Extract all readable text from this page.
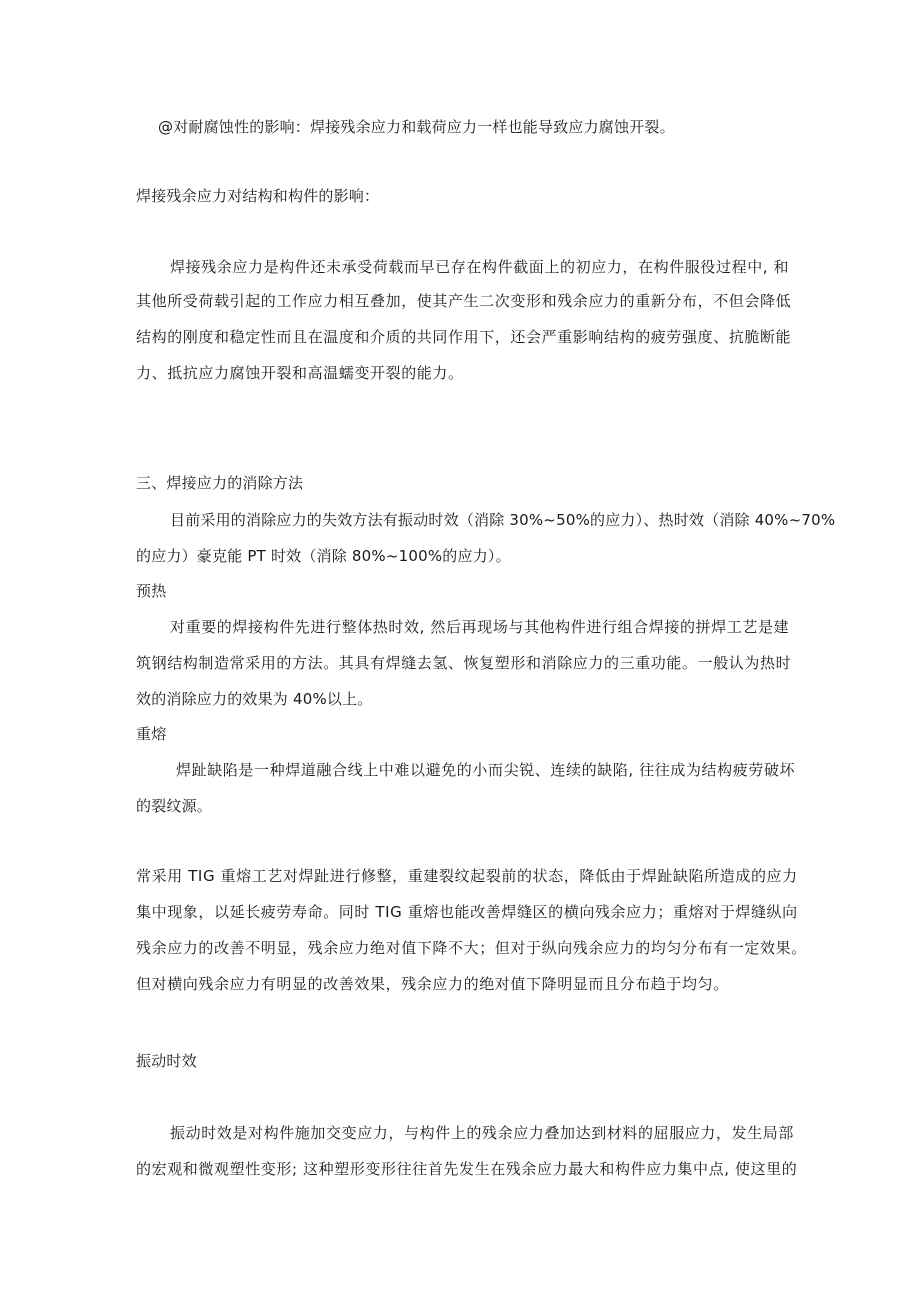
@对耐腐蚀性的影响：焊接残余应力和载荷应力一样也能导致应力腐蚀开裂。
焊接残余应力对结构和构件的影响：
焊接残余应力是构件还未承受荷载而早已存在构件截面上的初应力，在构件服役过程中, 和
其他所受荷载引起的工作应力相互叠加，使其产生二次变形和残余应力的重新分布，不但会降低
结构的刚度和稳定性而且在温度和介质的共同作用下，还会严重影响结构的疲劳强度、抗脆断能
力、抵抗应力腐蚀开裂和高温蠕变开裂的能力。
三、焊接应力的消除方法
目前采用的消除应力的失效方法有振动时效（消除 30%~50%的应力）、热时效（消除 40%~70%
的应力）豪克能 PT 时效（消除 80%~100%的应力）。
预热
对重要的焊接构件先进行整体热时效, 然后再现场与其他构件进行组合焊接的拼焊工艺是建
筑钢结构制造常采用的方法。其具有焊缝去氢、恢复塑形和消除应力的三重功能。一般认为热时
效的消除应力的效果为 40%以上。
重熔
焊趾缺陷是一种焊道融合线上中难以避免的小而尖锐、连续的缺陷, 往往成为结构疲劳破坏
的裂纹源。
常采用 TIG 重熔工艺对焊趾进行修整，重建裂纹起裂前的状态，降低由于焊趾缺陷所造成的应力
集中现象，以延长疲劳寿命。同时 TIG 重熔也能改善焊缝区的横向残余应力；重熔对于焊缝纵向
残余应力的改善不明显，残余应力绝对值下降不大；但对于纵向残余应力的均匀分布有一定效果。
但对横向残余应力有明显的改善效果，残余应力的绝对值下降明显而且分布趋于均匀。
振动时效
振动时效是对构件施加交变应力，与构件上的残余应力叠加达到材料的屈服应力，发生局部
的宏观和微观塑性变形; 这种塑形变形往往首先发生在残余应力最大和构件应力集中点, 使这里的
